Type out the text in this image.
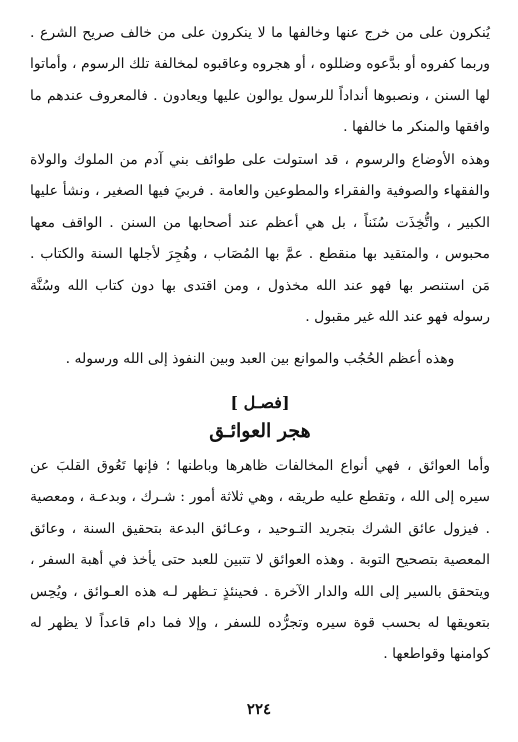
يُنكرون على من خرج عنها وخالفها ما لا ينكرون على من خالف صريح الشرع . وربما كفروه أو بدَّعوه وضللوه ، أو هجروه وعاقبوه لمخالفة تلك الرسوم ، وأماتوا لها السنن ، ونصبوها أنداداً للرسول يوالون عليها ويعادون . فالمعروف عندهم ما وافقها والمنكر ما خالفها .

وهذه الأوضاع والرسوم ، قد استولت على طوائف بني آدم من الملوك والولاة والفقهاء والصوفية والفقراء والمطوعين والعامة . فربيَ فيها الصغير ، ونشأ عليها الكبير ، واتُّخِذَت سُنَناً ، بل هي أعظم عند أصحابها من السنن . الواقف معها محبوس ، والمتقيد بها منقطع . عمَّ بها المُصَاب ، وهُجِرَ لأجلها السنة والكتاب . مَن استنصر بها فهو عند الله مخذول ، ومن اقتدى بها دون كتاب الله وسُنَّة رسوله فهو عند الله غير مقبول .

وهذه أعظم الحُجُب والموانع بين العبد وبين النفوذ إلى الله ورسوله .

[فصـل ]
هجر العوائـق

وأما العوائق ، فهي أنواع المخالفات ظاهرها وباطنها ؛ فإنها تَعُوق القلبَ عن سيره إلى الله ، وتقطع عليه طريقه ، وهي ثلاثة أمور : شـرك ، وبدعـة ، ومعصية . فيزول عائق الشرك بتجريد التـوحيد ، وعـائق البدعة بتحقيق السنة ، وعائق المعصية بتصحيح التوبة . وهذه العوائق لا تتبين للعبد حتى يأخذ في أهبة السفر ، ويتحقق بالسير إلى الله والدار الآخرة . فحينئذٍ تـظهر لـه هذه العـوائق ، ويُحِس بتعويقها له بحسب قوة سيره وتجرُّده للسفر ، وإلا فما دام قاعداً لا يظهر له كوامنها وقواطعها .

٢٢٤
